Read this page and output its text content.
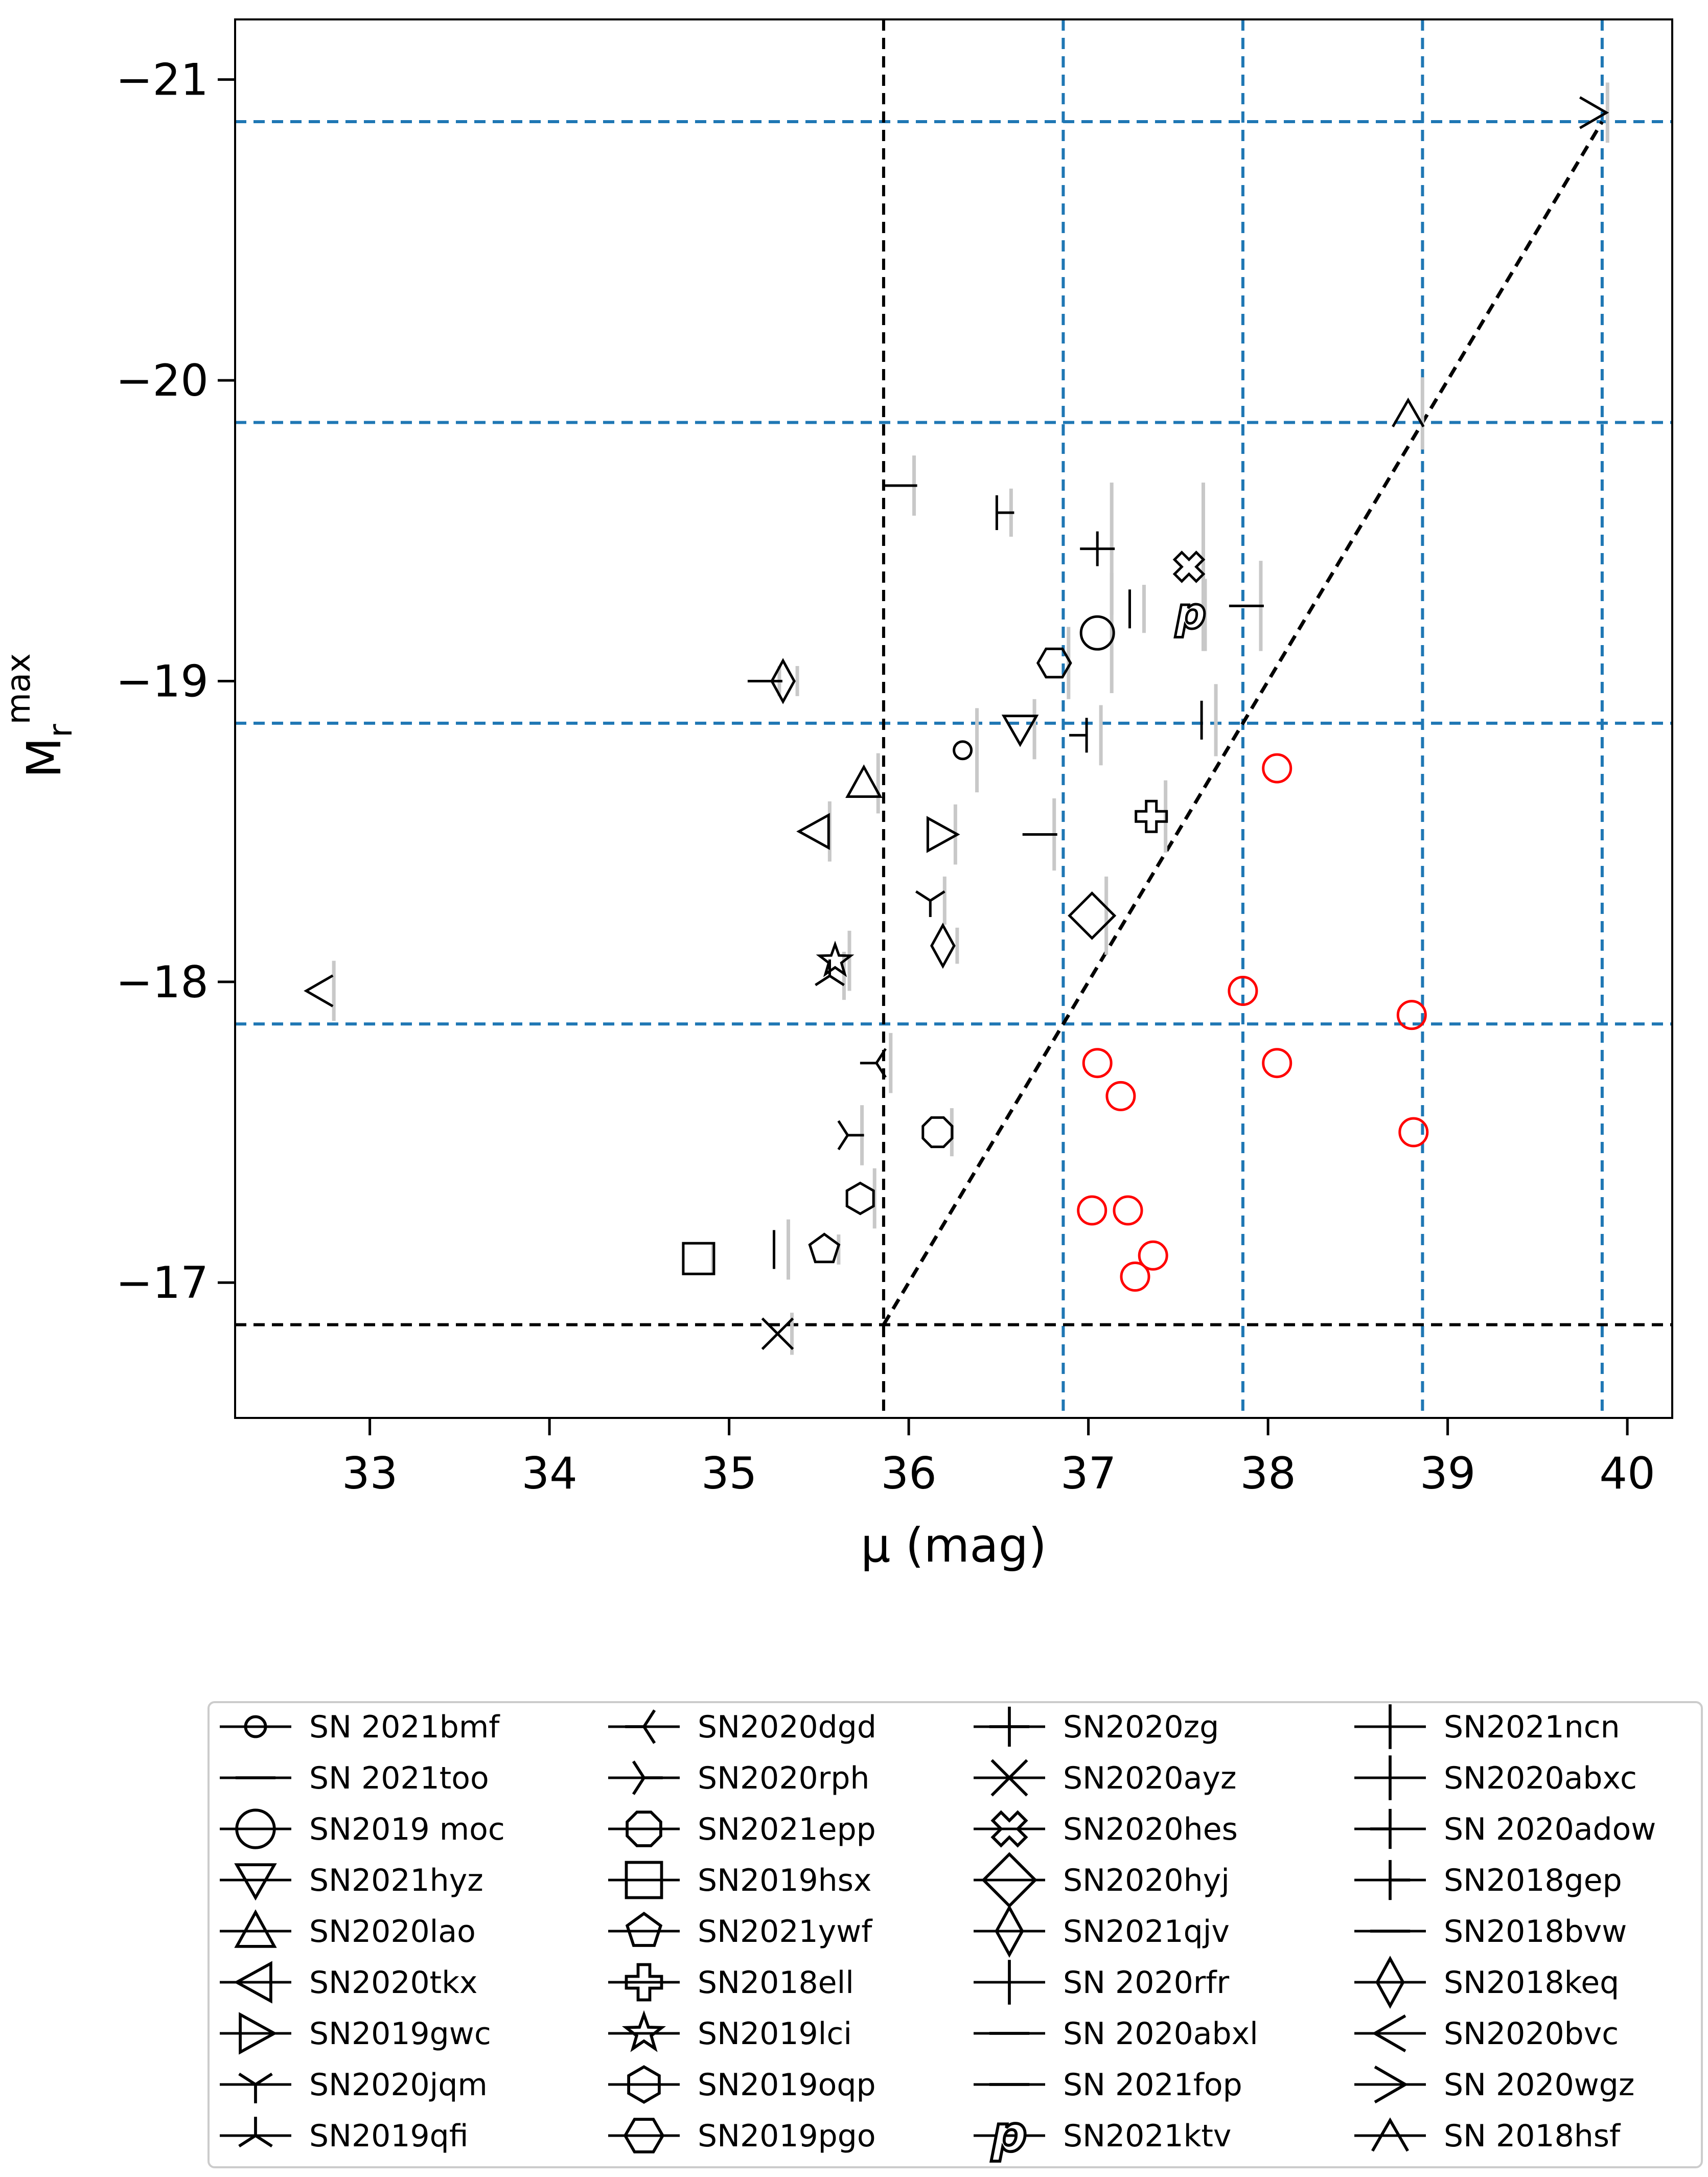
p
33	34	35	36	37	38	39	40
−17
−18
−19
−20
−21
μ (mag)
$M_r^{max}$
SN 2021bmf
SN 2021too
SN2019 moc
SN2021hyz
SN2020lao
SN2020tkx
SN2019gwc
SN2020jqm
SN2019qfi
SN2020dgd
SN2020rph
SN2021epp
SN2019hsx
SN2021ywf
SN2018ell
SN2019lci
SN2019oqp
SN2019pgo
SN2020zg
SN2020ayz
SN2020hes
SN2020hyj
SN2021qjv
SN 2020rfr
SN 2020abxl
SN 2021fop
p SN2021ktv
SN2021ncn
SN2020abxc
SN 2020adow
SN2018gep
SN2018bvw
SN2018keq
SN2020bvc
SN 2020wgz
SN 2018hsf
